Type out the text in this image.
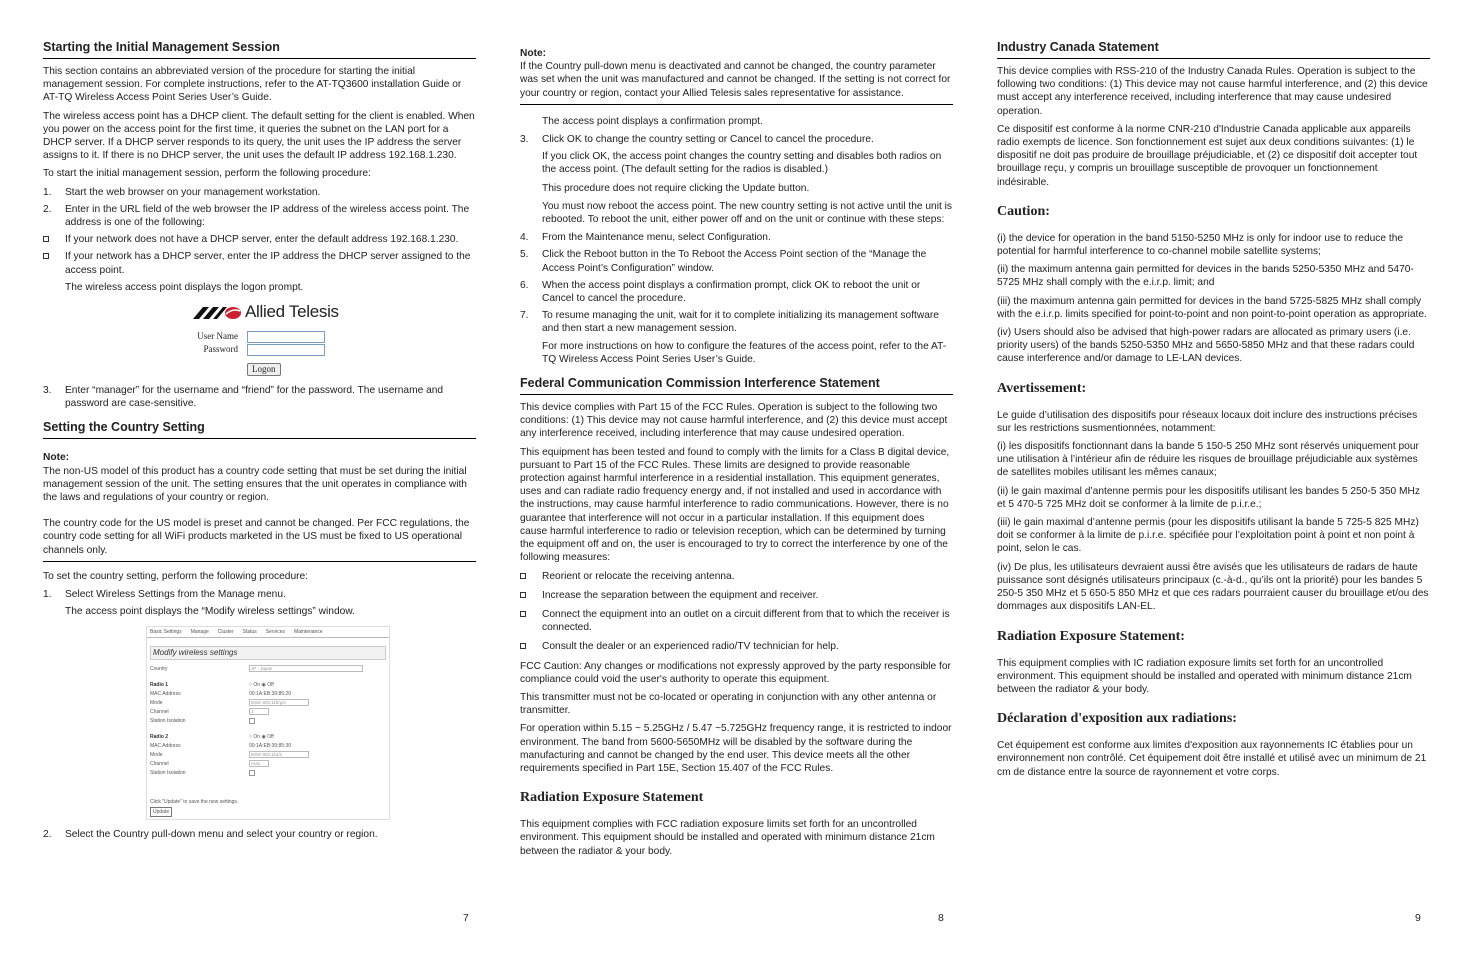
Starting the Initial Management Session

This section contains an abbreviated version of the procedure for starting the initial management session. For complete instructions, refer to the AT-TQ3600 installation Guide or AT-TQ Wireless Access Point Series User’s Guide.

The wireless access point has a DHCP client. The default setting for the client is enabled. When you power on the access point for the first time, it queries the subnet on the LAN port for a DHCP server. If a DHCP server responds to its query, the unit uses the IP address the server assigns to it. If there is no DHCP server, the unit uses the default IP address 192.168.1.230.

To start the initial management session, perform the following procedure:

1.	Start the web browser on your management workstation.
2.	Enter in the URL field of the web browser the IP address of the wireless access point. The address is one of the following:
If your network does not have a DHCP server, enter the default address 192.168.1.230.
If your network has a DHCP server, enter the IP address the DHCP server assigned to the access point.

The wireless access point displays the logon prompt.

Allied Telesis
User Name
Password
Logon
3.	Enter “manager” for the username and “friend” for the password. The username and password are case-sensitive.
Setting the Country Setting

Note:

The non-US model of this product has a country code setting that must be set during the initial management session of the unit. The setting ensures that the unit operates in compliance with the laws and regulations of your country or region.

The country code for the US model is preset and cannot be changed. Per FCC regulations, the country code setting for all WiFi products marketed in the US must be fixed to US operational channels only.

To set the country setting, perform the following procedure:

1.	Select Wireless Settings from the Manage menu.

The access point displays the “Modify wireless settings” window.

Basic Settings Manage Cluster Status Services Maintenance
Modify wireless settings
Country	JP - Japan
Radio 1	○ On ◉ Off
MAC Address	00:1A:EB:39:85:20
Mode	IEEE 802.11b/g/n
Channel	1
Station Isolation
Radio 2	○ On ◉ Off
MAC Address	00:1A:EB:39:85:30
Mode	IEEE 802.11a/n
Channel	Auto
Station Isolation
Click "Update" to save the new settings.
Update
2.	Select the Country pull-down menu and select your country or region.
7

Note:

If the Country pull-down menu is deactivated and cannot be changed, the country parameter was set when the unit was manufactured and cannot be changed. If the setting is not correct for your country or region, contact your Allied Telesis sales representative for assistance.

The access point displays a confirmation prompt.

3.	Click OK to change the country setting or Cancel to cancel the procedure.

If you click OK, the access point changes the country setting and disables both radios on the access point. (The default setting for the radios is disabled.)

This procedure does not require clicking the Update button.

You must now reboot the access point. The new country setting is not active until the unit is rebooted. To reboot the unit, either power off and on the unit or continue with these steps:

4.	From the Maintenance menu, select Configuration.
5.	Click the Reboot button in the To Reboot the Access Point section of the “Manage the Access Point’s Configuration” window.
6.	When the access point displays a confirmation prompt, click OK to reboot the unit or Cancel to cancel the procedure.
7.	To resume managing the unit, wait for it to complete initializing its management software and then start a new management session.

For more instructions on how to configure the features of the access point, refer to the AT-TQ Wireless Access Point Series User’s Guide.

Federal Communication Commission Interference Statement

This device complies with Part 15 of the FCC Rules. Operation is subject to the following two conditions: (1) This device may not cause harmful interference, and (2) this device must accept any interference received, including interference that may cause undesired operation.

This equipment has been tested and found to comply with the limits for a Class B digital device, pursuant to Part 15 of the FCC Rules. These limits are designed to provide reasonable protection against harmful interference in a residential installation. This equipment generates, uses and can radiate radio frequency energy and, if not installed and used in accordance with the instructions, may cause harmful interference to radio communications. However, there is no guarantee that interference will not occur in a particular installation. If this equipment does cause harmful interference to radio or television reception, which can be determined by turning the equipment off and on, the user is encouraged to try to correct the interference by one of the following measures:

Reorient or relocate the receiving antenna.
Increase the separation between the equipment and receiver.
Connect the equipment into an outlet on a circuit different from that to which the receiver is connected.
Consult the dealer or an experienced radio/TV technician for help.

FCC Caution: Any changes or modifications not expressly approved by the party responsible for compliance could void the user's authority to operate this equipment.

This transmitter must not be co-located or operating in conjunction with any other antenna or transmitter.

For operation within 5.15 ~ 5.25GHz / 5.47 ~5.725GHz frequency range, it is restricted to indoor environment. The band from 5600-5650MHz will be disabled by the software during the manufacturing and cannot be changed by the end user. This device meets all the other requirements specified in Part 15E, Section 15.407 of the FCC Rules.

Radiation Exposure Statement

This equipment complies with FCC radiation exposure limits set forth for an uncontrolled environment. This equipment should be installed and operated with minimum distance 21cm between the radiator & your body.

8
Industry Canada Statement

This device complies with RSS-210 of the Industry Canada Rules. Operation is subject to the following two conditions: (1) This device may not cause harmful interference, and (2) this device must accept any interference received, including interference that may cause undesired operation.

Ce dispositif est conforme à la norme CNR-210 d'Industrie Canada applicable aux appareils radio exempts de licence. Son fonctionnement est sujet aux deux conditions suivantes: (1) le dispositif ne doit pas produire de brouillage préjudiciable, et (2) ce dispositif doit accepter tout brouillage reçu, y compris un brouillage susceptible de provoquer un fonctionnement indésirable.

Caution:

(i) the device for operation in the band 5150-5250 MHz is only for indoor use to reduce the potential for harmful interference to co-channel mobile satellite systems;

(ii) the maximum antenna gain permitted for devices in the bands 5250-5350 MHz and 5470-5725 MHz shall comply with the e.i.r.p. limit; and

(iii) the maximum antenna gain permitted for devices in the band 5725-5825 MHz shall comply with the e.i.r.p. limits specified for point-to-point and non point-to-point operation as appropriate.

(iv) Users should also be advised that high-power radars are allocated as primary users (i.e. priority users) of the bands 5250-5350 MHz and 5650-5850 MHz and that these radars could cause interference and/or damage to LE-LAN devices.

Avertissement:

Le guide d’utilisation des dispositifs pour réseaux locaux doit inclure des instructions précises sur les restrictions susmentionnées, notamment:

(i) les dispositifs fonctionnant dans la bande 5 150-5 250 MHz sont réservés uniquement pour une utilisation à l’intérieur afin de réduire les risques de brouillage préjudiciable aux systèmes de satellites mobiles utilisant les mêmes canaux;

(ii) le gain maximal d’antenne permis pour les dispositifs utilisant les bandes 5 250-5 350 MHz et 5 470-5 725 MHz doit se conformer à la limite de p.i.r.e.;

(iii) le gain maximal d’antenne permis (pour les dispositifs utilisant la bande 5 725-5 825 MHz) doit se conformer à la limite de p.i.r.e. spécifiée pour l’exploitation point à point et non point à point, selon le cas.

(iv) De plus, les utilisateurs devraient aussi être avisés que les utilisateurs de radars de haute puissance sont désignés utilisateurs principaux (c.-à-d., qu’ils ont la priorité) pour les bandes 5 250-5 350 MHz et 5 650-5 850 MHz et que ces radars pourraient causer du brouillage et/ou des dommages aux dispositifs LAN-EL.

Radiation Exposure Statement:

This equipment complies with IC radiation exposure limits set forth for an uncontrolled environment. This equipment should be installed and operated with minimum distance 21cm between the radiator & your body.

Déclaration d'exposition aux radiations:

Cet équipement est conforme aux limites d'exposition aux rayonnements IC établies pour un environnement non contrôlé. Cet équipement doit être installé et utilisé avec un minimum de 21 cm de distance entre la source de rayonnement et votre corps.

9
